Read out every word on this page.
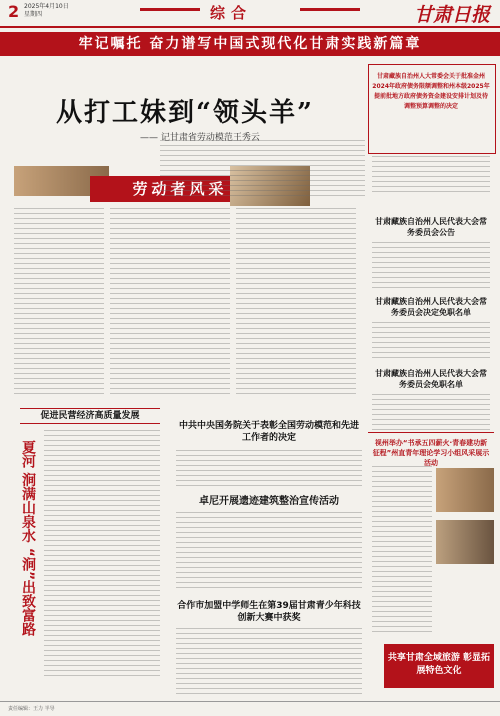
2 2025年4月10日
星期四	综合	甘肃日报
牢记嘱托 奋力谱写中国式现代化甘肃实践新篇章
从打工妹到“领头羊”
—— 记甘肃省劳动模范王秀云
劳动者风采
甘肃藏族自治州人大常委会关于批准金州2024年政府债务限额调整和州本级2025年提前批地方政府债务资金建设安排计划及待调整预算调整的决定
甘肃藏族自治州人民代表大会常务委员会公告
甘肃藏族自治州人民代表大会常务委员会决定免职名单
甘肃藏族自治州人民代表大会常务委员会免职名单
视州举办“书承五四薪火·青春建功新征程”州直青年理论学习小组风采展示活动
共享甘肃全域旅游 彰显拓展特色文化
促进民营经济高质量发展
夏河 涧满山泉水 “涧”出致富路
中共中央国务院关于表彰全国劳动模范和先进工作者的决定
卓尼开展遗迹建筑整治宣传活动
合作市加盟中学师生在第39届甘肃青少年科技创新大赛中获奖
责任编辑：王力 半导
